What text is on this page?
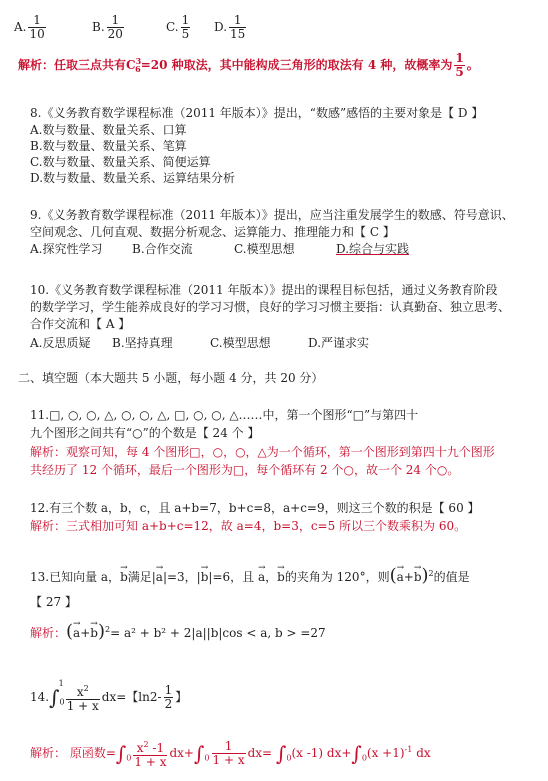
A. $\frac{1}{10}$	B. $\frac{1}{20}$	C. $\frac{1}{5} D$. $\frac{1}{15}$
解析：任取三点共有$C^3_6=20$ 种取法，其中能构成三角形的取法有 4 种，故概率为 $\frac{1}{5}$ 。
8.《义务教育数学课程标准（2011 年版本）》提出，“数感”感悟的主要对象是【 D 】
A.数与数量、数量关系、口算
B.数与数量、数量关系、笔算
C.数与数量、数量关系、简便运算
D.数与数量、数量关系、运算结果分析
9.《义务教育数学课程标准（2011 年版本）》提出，应当注重发展学生的数感、符号意识、
空间观念、几何直观、数据分析观念、运算能力、推理能力和【 C 】
A.探究性学习 B.合作交流	C.模型思想	D.综合与实践
10.《义务教育数学课程标准（2011 年版本）》提出的课程目标包括，通过义务教育阶段
的数学学习，学生能养成良好的学习习惯，良好的学习习惯主要指：认真勤奋、独立思考、
合作交流和【 A 】
A.反思质疑 B.坚持真理	C.模型思想	D.严谨求实
二、填空题（本大题共 5 小题，每小题 4 分，共 20 分）
11.□, ○, ○, △, ○, ○, △, □, ○, ○, △……中，第一个图形“□”与第四十
九个图形之间共有“○”的个数是【 24 个 】
解析：观察可知，每 4 个图形□，○，○，△为一个循环，第一个图形到第四十九个图形
共经历了 12 个循环，最后一个图形为□，每个循环有 2 个○，故一个 24 个○。
12.有三个数 a，b，c，且 a+b=7，b+c=8，a+c=9，则这三个数的积是【 60 】
解析：三式相加可知 a+b+c=12，故 a=4，b=3，c=5 所以三个数乘积为 60。
13.已知向量 a，→ b满足|→ a|=3，|→ b|=6，且 → a，→ b的夹角为 120°，则(→ a+→ b)$^2$的值是
【 27 】
解析：(→ a+→ b)$^2$= a² + b² + 2|a||b|cos < a, b > =27
$14.\int_0^1 \frac{x^2}{1 + x} dx=$【$\ln 2- \frac{1}{2}$ 】
解析： 原函数$=\int_0 \frac{x^2 -1}{1 + x} dx+\int_0 \frac{1}{1 + x} dx= \int_0(x$ -1) $dx+\int_0(x +1)^{-1}$ dx
